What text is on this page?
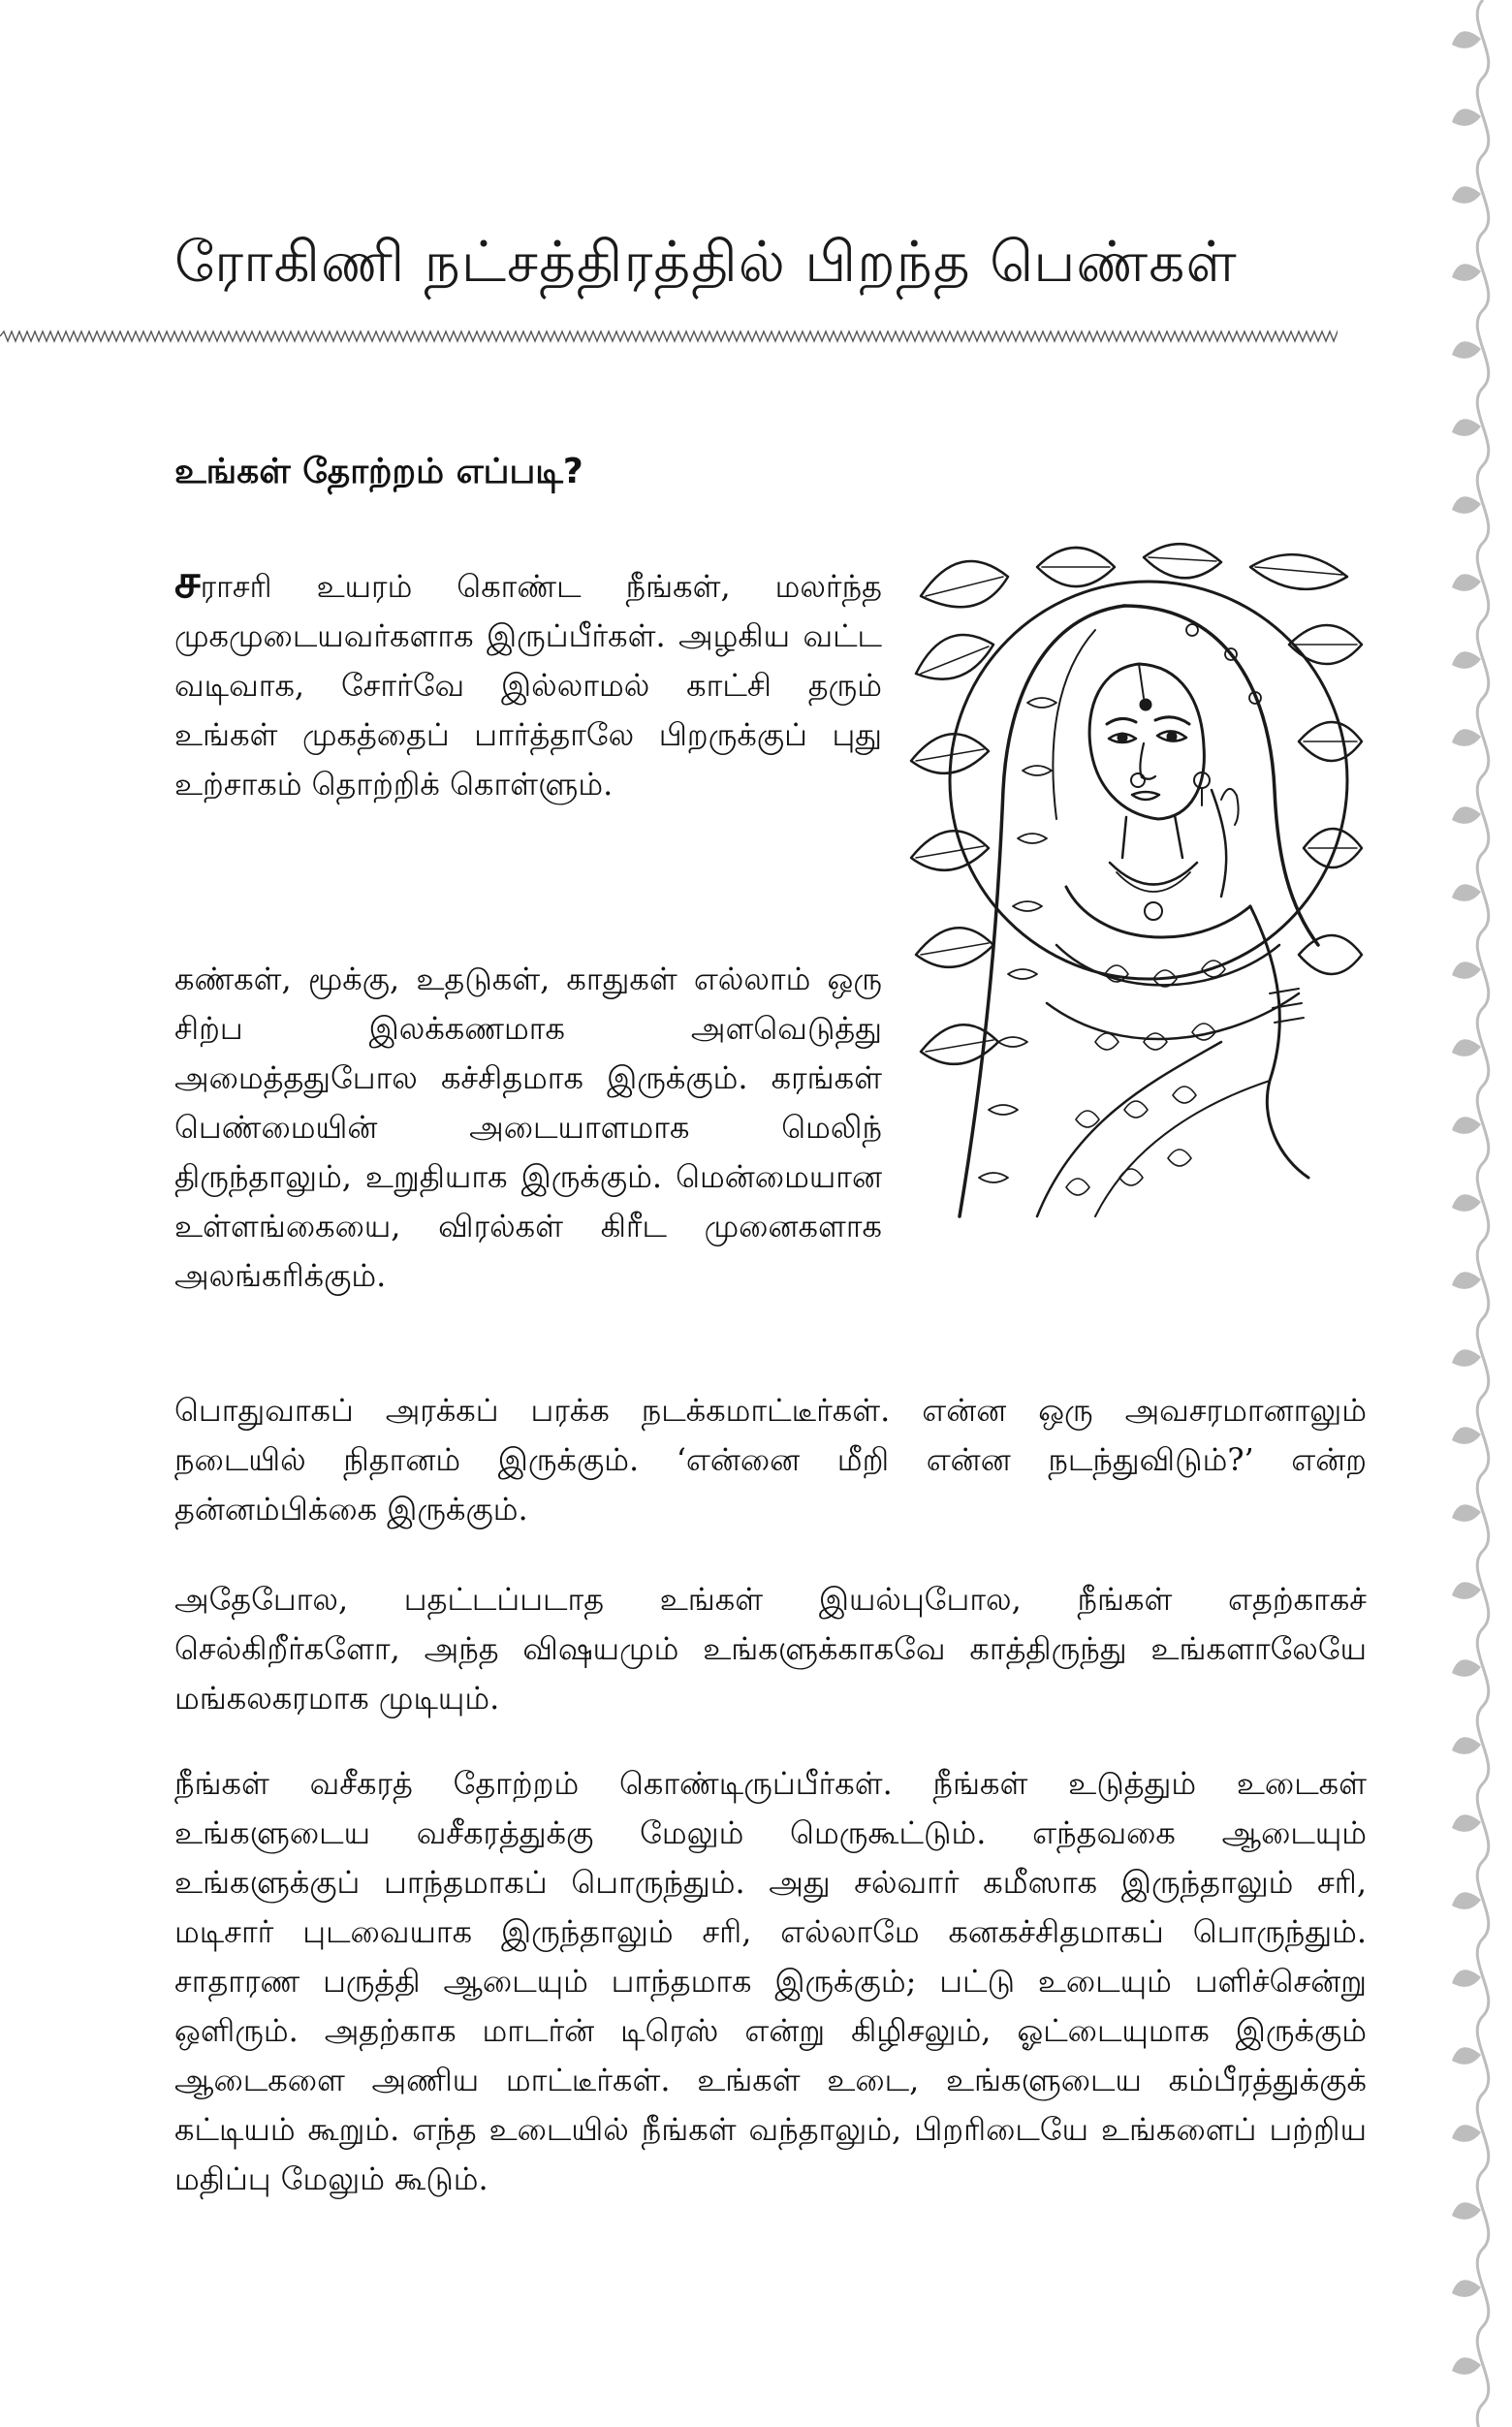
ரோகிணி நட்சத்திரத்தில் பிறந்த பெண்கள்
உங்கள் தோற்றம் எப்படி?

சராசரி உயரம் கொண்ட நீங்கள், மலர்ந்த முகமுடையவர்களாக இருப்பீர்கள். அழகிய வட்ட வடிவாக, சோர்வே இல்லாமல் காட்சி தரும் உங்கள் முகத்தைப் பார்த்தாலே பிறருக்குப் புது உற்சாகம் தொற்றிக் கொள்ளும்.

கண்கள், மூக்கு, உதடுகள், காதுகள் எல்லாம் ஒரு சிற்ப இலக்கணமாக அளவெடுத்து அமைத்ததுபோல கச்சிதமாக இருக்கும். கரங்கள் பெண்மையின் அடையாளமாக மெலிந் திருந்தாலும், உறுதியாக இருக்கும். மென்மையான உள்ளங்கையை, விரல்கள் கிரீட முனைகளாக அலங்கரிக்கும்.

பொதுவாகப் அரக்கப் பரக்க நடக்கமாட்டீர்கள். என்ன ஒரு அவசரமானாலும் நடையில் நிதானம் இருக்கும். ‘என்னை மீறி என்ன நடந்துவிடும்?’ என்ற தன்னம்பிக்கை இருக்கும்.

அதேபோல, பதட்டப்படாத உங்கள் இயல்புபோல, நீங்கள் எதற்காகச் செல்கிறீர்களோ, அந்த விஷயமும் உங்களுக்காகவே காத்திருந்து உங்களாலேயே மங்கலகரமாக முடியும்.

நீங்கள் வசீகரத் தோற்றம் கொண்டிருப்பீர்கள். நீங்கள் உடுத்தும் உடைகள் உங்களுடைய வசீகரத்துக்கு மேலும் மெருகூட்டும். எந்தவகை ஆடையும் உங்களுக்குப் பாந்தமாகப் பொருந்தும். அது சல்வார் கமீஸாக இருந்தாலும் சரி, மடிசார் புடவையாக இருந்தாலும் சரி, எல்லாமே கனகச்சிதமாகப் பொருந்தும். சாதாரண பருத்தி ஆடையும் பாந்தமாக இருக்கும்; பட்டு உடையும் பளிச்சென்று ஒளிரும். அதற்காக மாடர்ன் டிரெஸ் என்று கிழிசலும், ஓட்டையுமாக இருக்கும் ஆடைகளை அணிய மாட்டீர்கள். உங்கள் உடை, உங்களுடைய கம்பீரத்துக்குக் கட்டியம் கூறும். எந்த உடையில் நீங்கள் வந்தாலும், பிறரிடையே உங்களைப் பற்றிய மதிப்பு மேலும் கூடும்.
